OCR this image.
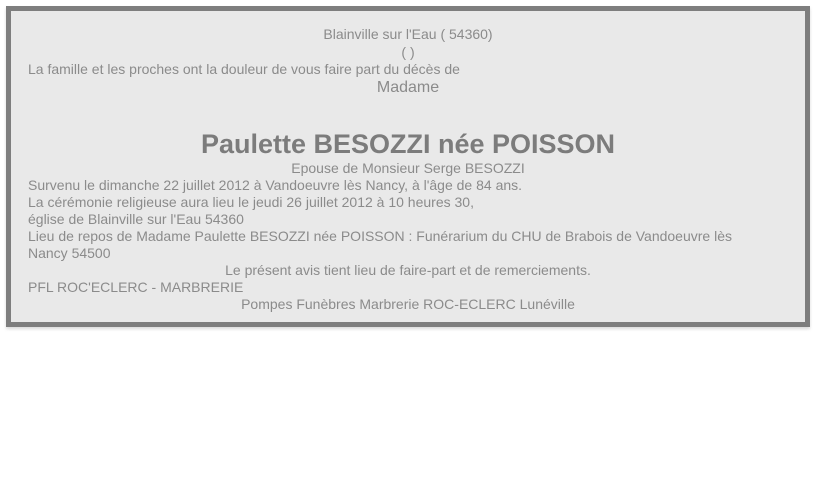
Blainville sur l'Eau ( 54360)
( )

La famille et les proches ont la douleur de vous faire part du décès de

Madame

Paulette BESOZZI née POISSON

Epouse de Monsieur Serge BESOZZI

Survenu le dimanche 22 juillet 2012 à Vandoeuvre lès Nancy, à l'âge de 84 ans.

La cérémonie religieuse aura lieu le jeudi 26 juillet 2012 à 10 heures 30,
église de Blainville sur l'Eau 54360

Lieu de repos de Madame Paulette BESOZZI née POISSON : Funérarium du CHU de Brabois de Vandoeuvre lès
Nancy 54500

Le présent avis tient lieu de faire-part et de remerciements.

PFL ROC'ECLERC - MARBRERIE

Pompes Funèbres Marbrerie ROC-ECLERC Lunéville
